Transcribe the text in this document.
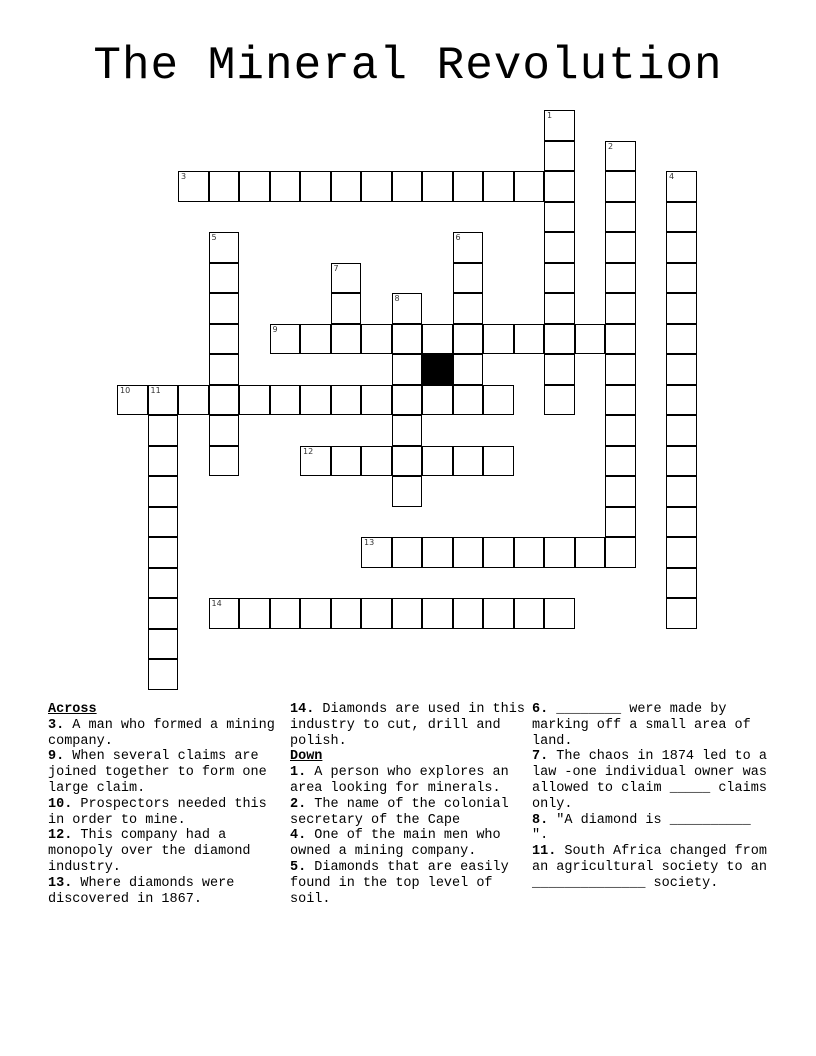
The Mineral Revolution
1
2
3	4
5	6
7
8
9
10	11
12
13
14

Across

3. A man who formed a mining company.

9. When several claims are joined together to form one large claim.

10. Prospectors needed this in order to mine.

12. This company had a monopoly over the diamond industry.

13. Where diamonds were discovered in 1867.

14. Diamonds are used in this industry to cut, drill and polish.

Down

1. A person who explores an area looking for minerals.

2. The name of the colonial secretary of the Cape

4. One of the main men who owned a mining company.

5. Diamonds that are easily found in the top level of soil.

6. ________ were made by marking off a small area of land.

7. The chaos in 1874 led to a law -one individual owner was allowed to claim _____ claims only.

8. "A diamond is __________ ".

11. South Africa changed from an agricultural society to an ______________ society.
